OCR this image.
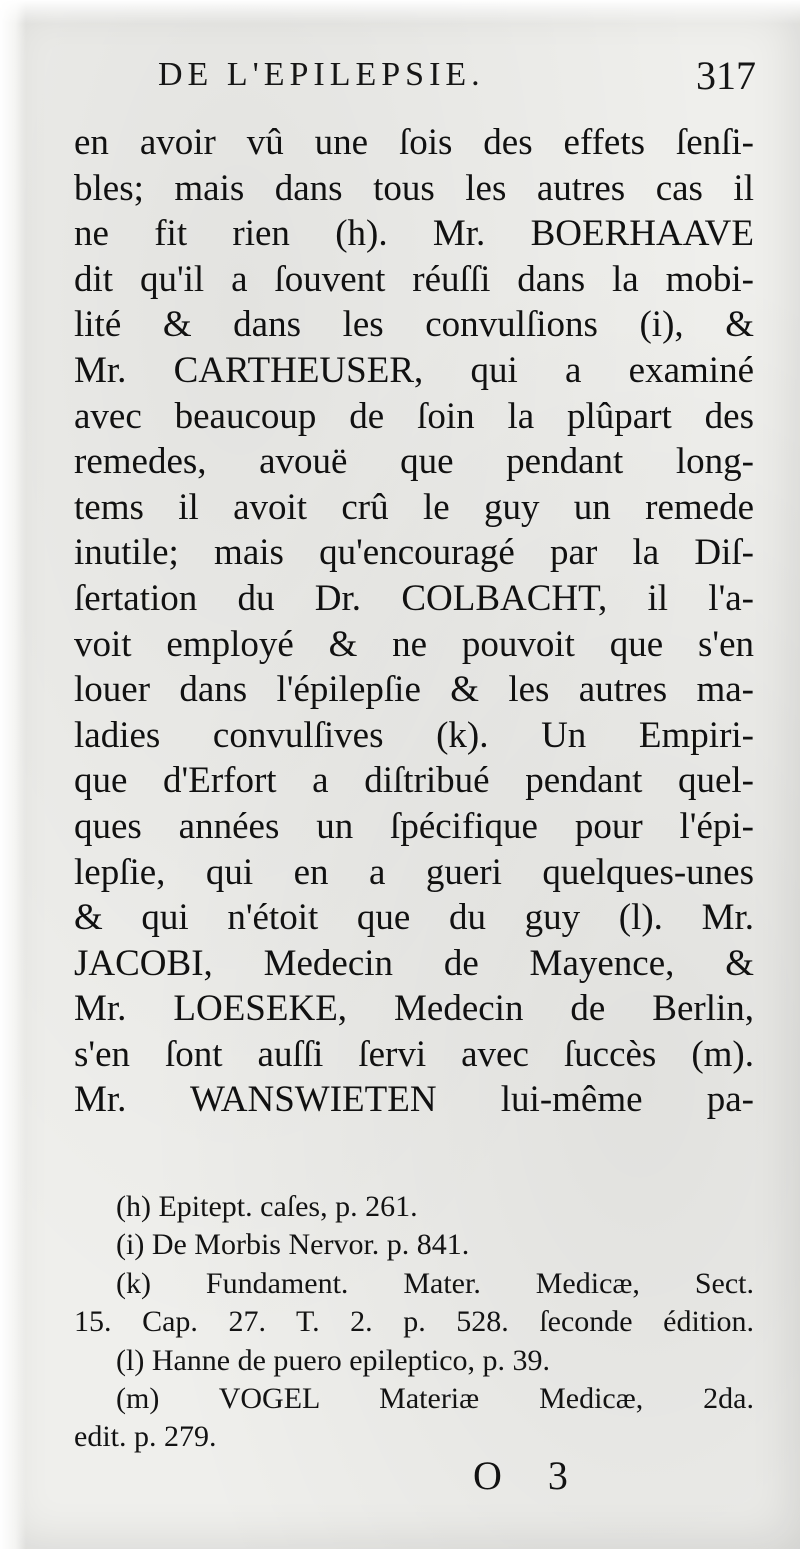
DE L'EPILEPSIE.	317
en avoir vû une ſois des effets ſenſi-
bles; mais dans tous les autres cas il
ne fit rien (h). Mr. BOERHAAVE
dit qu'il a ſouvent réuſſi dans la mobi-
lité & dans les convulſions (i), &
Mr. CARTHEUSER, qui a examiné
avec beaucoup de ſoin la plûpart des
remedes, avouë que pendant long-
tems il avoit crû le guy un remede
inutile; mais qu'encouragé par la Diſ-
ſertation du Dr. COLBACHT, il l'a-
voit employé & ne pouvoit que s'en
louer dans l'épilepſie & les autres ma-
ladies convulſives (k). Un Empiri-
que d'Erfort a diſtribué pendant quel-
ques années un ſpécifique pour l'épi-
lepſie, qui en a gueri quelques-unes
& qui n'étoit que du guy (l). Mr.
JACOBI, Medecin de Mayence, &
Mr. LOESEKE, Medecin de Berlin,
s'en ſont auſſi ſervi avec ſuccès (m).
Mr. WANSWIETEN lui-même pa-
(h) Epitept. caſes, p. 261.
(i) De Morbis Nervor. p. 841.
(k) Fundament. Mater. Medicæ, Sect.
15. Cap. 27. T. 2. p. 528. ſeconde édition.
(l) Hanne de puero epileptico, p. 39.
(m) VOGEL Materiæ Medicæ, 2da.
edit. p. 279.
O 3
